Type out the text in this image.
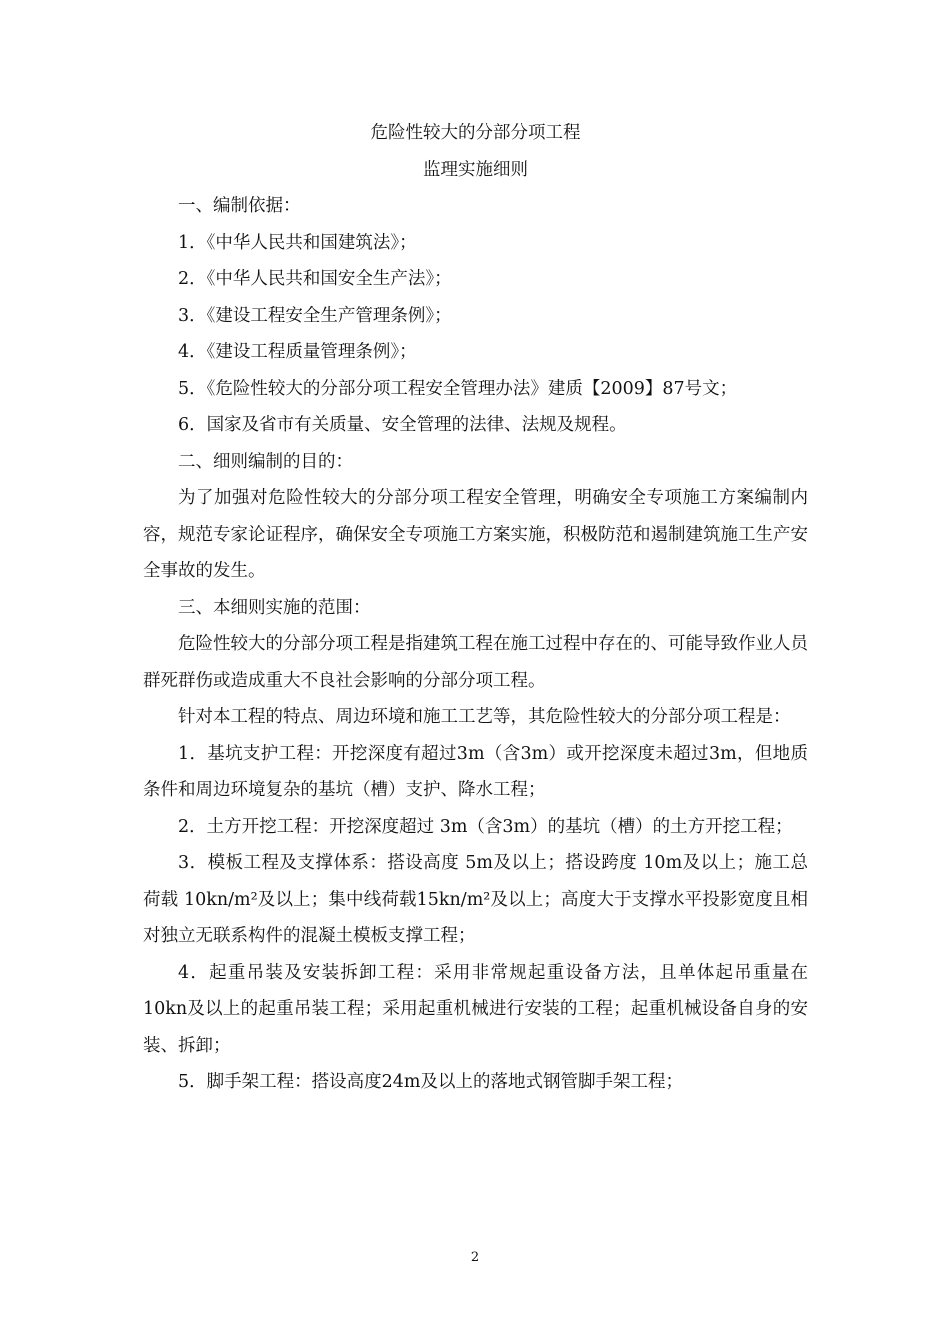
危险性较大的分部分项工程
监理实施细则

一、编制依据：

1．《中华人民共和国建筑法》；

2．《中华人民共和国安全生产法》；

3．《建设工程安全生产管理条例》；

4．《建设工程质量管理条例》；

5．《危险性较大的分部分项工程安全管理办法》建质【2009】87号文；

6．国家及省市有关质量、安全管理的法律、法规及规程。

二、细则编制的目的：

为了加强对危险性较大的分部分项工程安全管理，明确安全专项施工方案编制内容，规范专家论证程序，确保安全专项施工方案实施，积极防范和遏制建筑施工生产安全事故的发生。

三、本细则实施的范围：

危险性较大的分部分项工程是指建筑工程在施工过程中存在的、可能导致作业人员群死群伤或造成重大不良社会影响的分部分项工程。

针对本工程的特点、周边环境和施工工艺等，其危险性较大的分部分项工程是：

1．基坑支护工程：开挖深度有超过3m（含3m）或开挖深度未超过3m，但地质条件和周边环境复杂的基坑（槽）支护、降水工程；

2．土方开挖工程：开挖深度超过 3m（含3m）的基坑（槽）的土方开挖工程；

3．模板工程及支撑体系：搭设高度 5m及以上；搭设跨度 10m及以上；施工总荷载 10kn/m²及以上；集中线荷载15kn/m²及以上；高度大于支撑水平投影宽度且相对独立无联系构件的混凝土模板支撑工程；

4．起重吊装及安装拆卸工程：采用非常规起重设备方法，且单体起吊重量在10kn及以上的起重吊装工程；采用起重机械进行安装的工程；起重机械设备自身的安装、拆卸；

5．脚手架工程：搭设高度24m及以上的落地式钢管脚手架工程；

2
